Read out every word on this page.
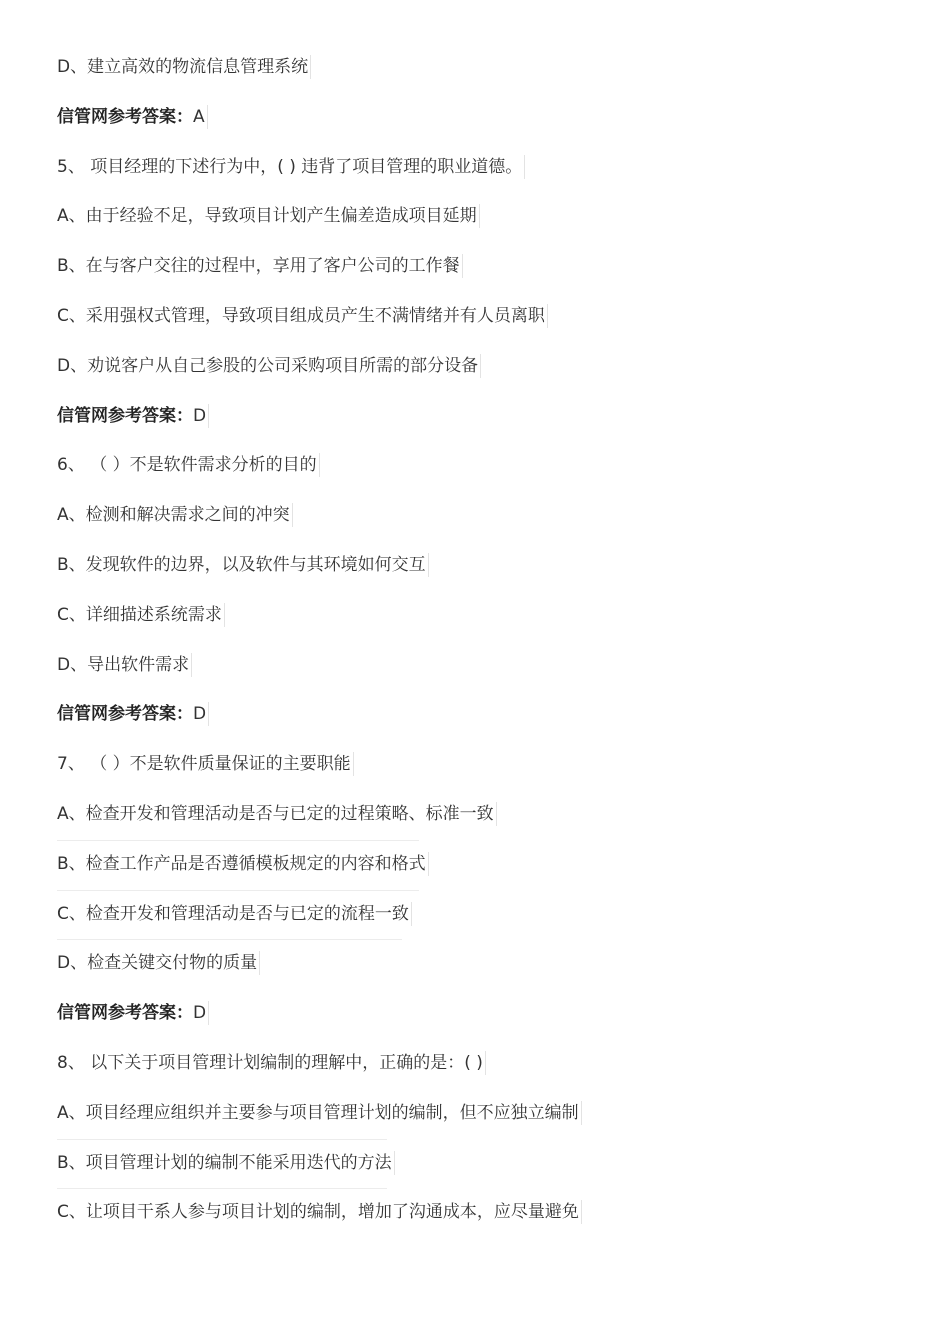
D、建立高效的物流信息管理系统
信管网参考答案：A
5、 项目经理的下述行为中，( ) 违背了项目管理的职业道德。
A、由于经验不足，导致项目计划产生偏差造成项目延期
B、在与客户交往的过程中，享用了客户公司的工作餐
C、采用强权式管理，导致项目组成员产生不满情绪并有人员离职
D、劝说客户从自己参股的公司采购项目所需的部分设备
信管网参考答案：D
6、 （ ）不是软件需求分析的目的
A、检测和解决需求之间的冲突
B、发现软件的边界，以及软件与其环境如何交互
C、详细描述系统需求
D、导出软件需求
信管网参考答案：D
7、 （ ）不是软件质量保证的主要职能
A、检查开发和管理活动是否与已定的过程策略、标准一致
B、检查工作产品是否遵循模板规定的内容和格式
C、检查开发和管理活动是否与已定的流程一致
D、检查关键交付物的质量
信管网参考答案：D
8、 以下关于项目管理计划编制的理解中，正确的是：( )
A、项目经理应组织并主要参与项目管理计划的编制，但不应独立编制
B、项目管理计划的编制不能采用迭代的方法
C、让项目干系人参与项目计划的编制，增加了沟通成本，应尽量避免
